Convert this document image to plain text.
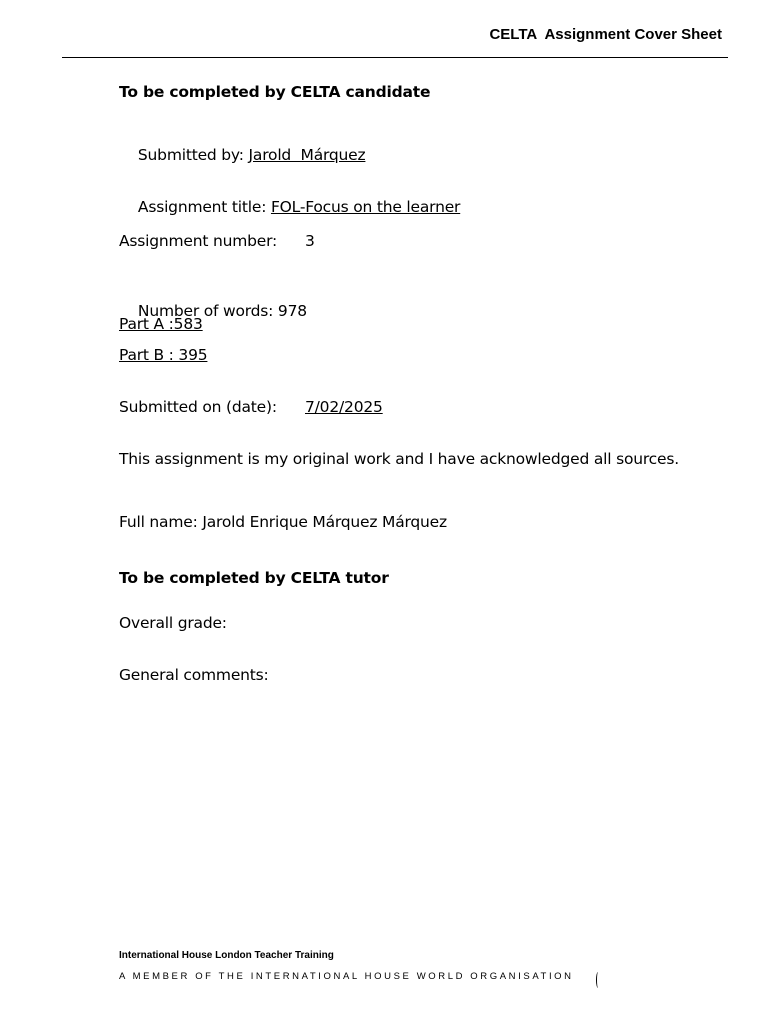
CELTA  Assignment Cover Sheet
To be completed by CELTA candidate

Submitted by: Jarold  Márquez

Assignment title: FOL-Focus on the learner

Assignment number: 3

Number of words: 978

Part A :583
Part B : 395
Submitted on (date): 7/02/2025
This assignment is my original work and I have acknowledged all sources.
Full name: Jarold Enrique Márquez Márquez
To be completed by CELTA tutor
Overall grade:
General comments:
International House London Teacher Training
A MEMBER OF THE INTERNATIONAL HOUSE WORLD ORGANISATION
